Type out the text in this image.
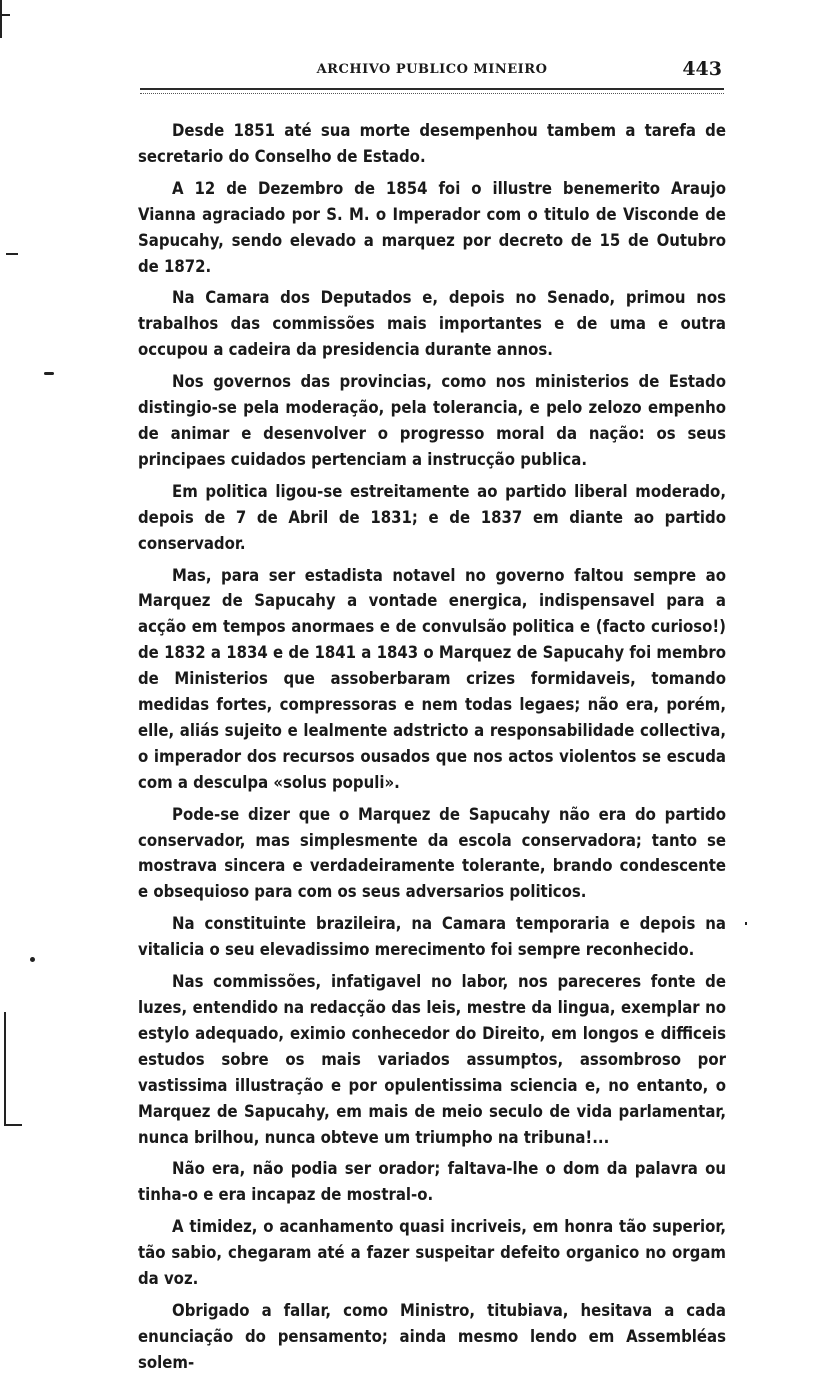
ARCHIVO PUBLICO MINEIRO	443

Desde 1851 até sua morte desempenhou tambem a tarefa de secretario do Conselho de Estado.

A 12 de Dezembro de 1854 foi o illustre benemerito Araujo Vianna agraciado por S. M. o Imperador com o titulo de Visconde de Sapucahy, sendo elevado a marquez por decreto de 15 de Outubro de 1872.

Na Camara dos Deputados e, depois no Senado, primou nos trabalhos das commissões mais importantes e de uma e outra occupou a cadeira da presidencia durante annos.

Nos governos das provincias, como nos ministerios de Estado distingio-se pela moderação, pela tolerancia, e pelo zelozo empenho de animar e desenvolver o progresso moral da nação: os seus principaes cuidados pertenciam a instrucção publica.

Em politica ligou-se estreitamente ao partido liberal moderado, depois de 7 de Abril de 1831; e de 1837 em diante ao partido conservador.

Mas, para ser estadista notavel no governo faltou sempre ao Marquez de Sapucahy a vontade energica, indispensavel para a acção em tempos anormaes e de convulsão politica e (facto curioso!) de 1832 a 1834 e de 1841 a 1843 o Marquez de Sapucahy foi membro de Ministerios que assoberbaram crizes formidaveis, tomando medidas fortes, compressoras e nem todas legaes; não era, porém, elle, aliás sujeito e lealmente adstricto a responsabilidade collectiva, o imperador dos recursos ousados que nos actos violentos se escuda com a desculpa «solus populi».

Pode-se dizer que o Marquez de Sapucahy não era do partido conservador, mas simplesmente da escola conservadora; tanto se mostrava sincera e verdadeiramente tolerante, brando condescente e obsequioso para com os seus adversarios politicos.

Na constituinte brazileira, na Camara temporaria e depois na vitalicia o seu elevadissimo merecimento foi sempre reconhecido.

Nas commissões, infatigavel no labor, nos pareceres fonte de luzes, entendido na redacção das leis, mestre da lingua, exemplar no estylo adequado, eximio conhecedor do Direito, em longos e difficeis estudos sobre os mais variados assumptos, assombroso por vastissima illustração e por opulentissima sciencia e, no entanto, o Marquez de Sapucahy, em mais de meio seculo de vida parlamentar, nunca brilhou, nunca obteve um triumpho na tribuna!...

Não era, não podia ser orador; faltava-lhe o dom da palavra ou tinha-o e era incapaz de mostral-o.

A timidez, o acanhamento quasi incriveis, em honra tão superior, tão sabio, chegaram até a fazer suspeitar defeito organico no orgam da voz.

Obrigado a fallar, como Ministro, titubiava, hesitava a cada enunciação do pensamento; ainda mesmo lendo em Assembléas solem-
